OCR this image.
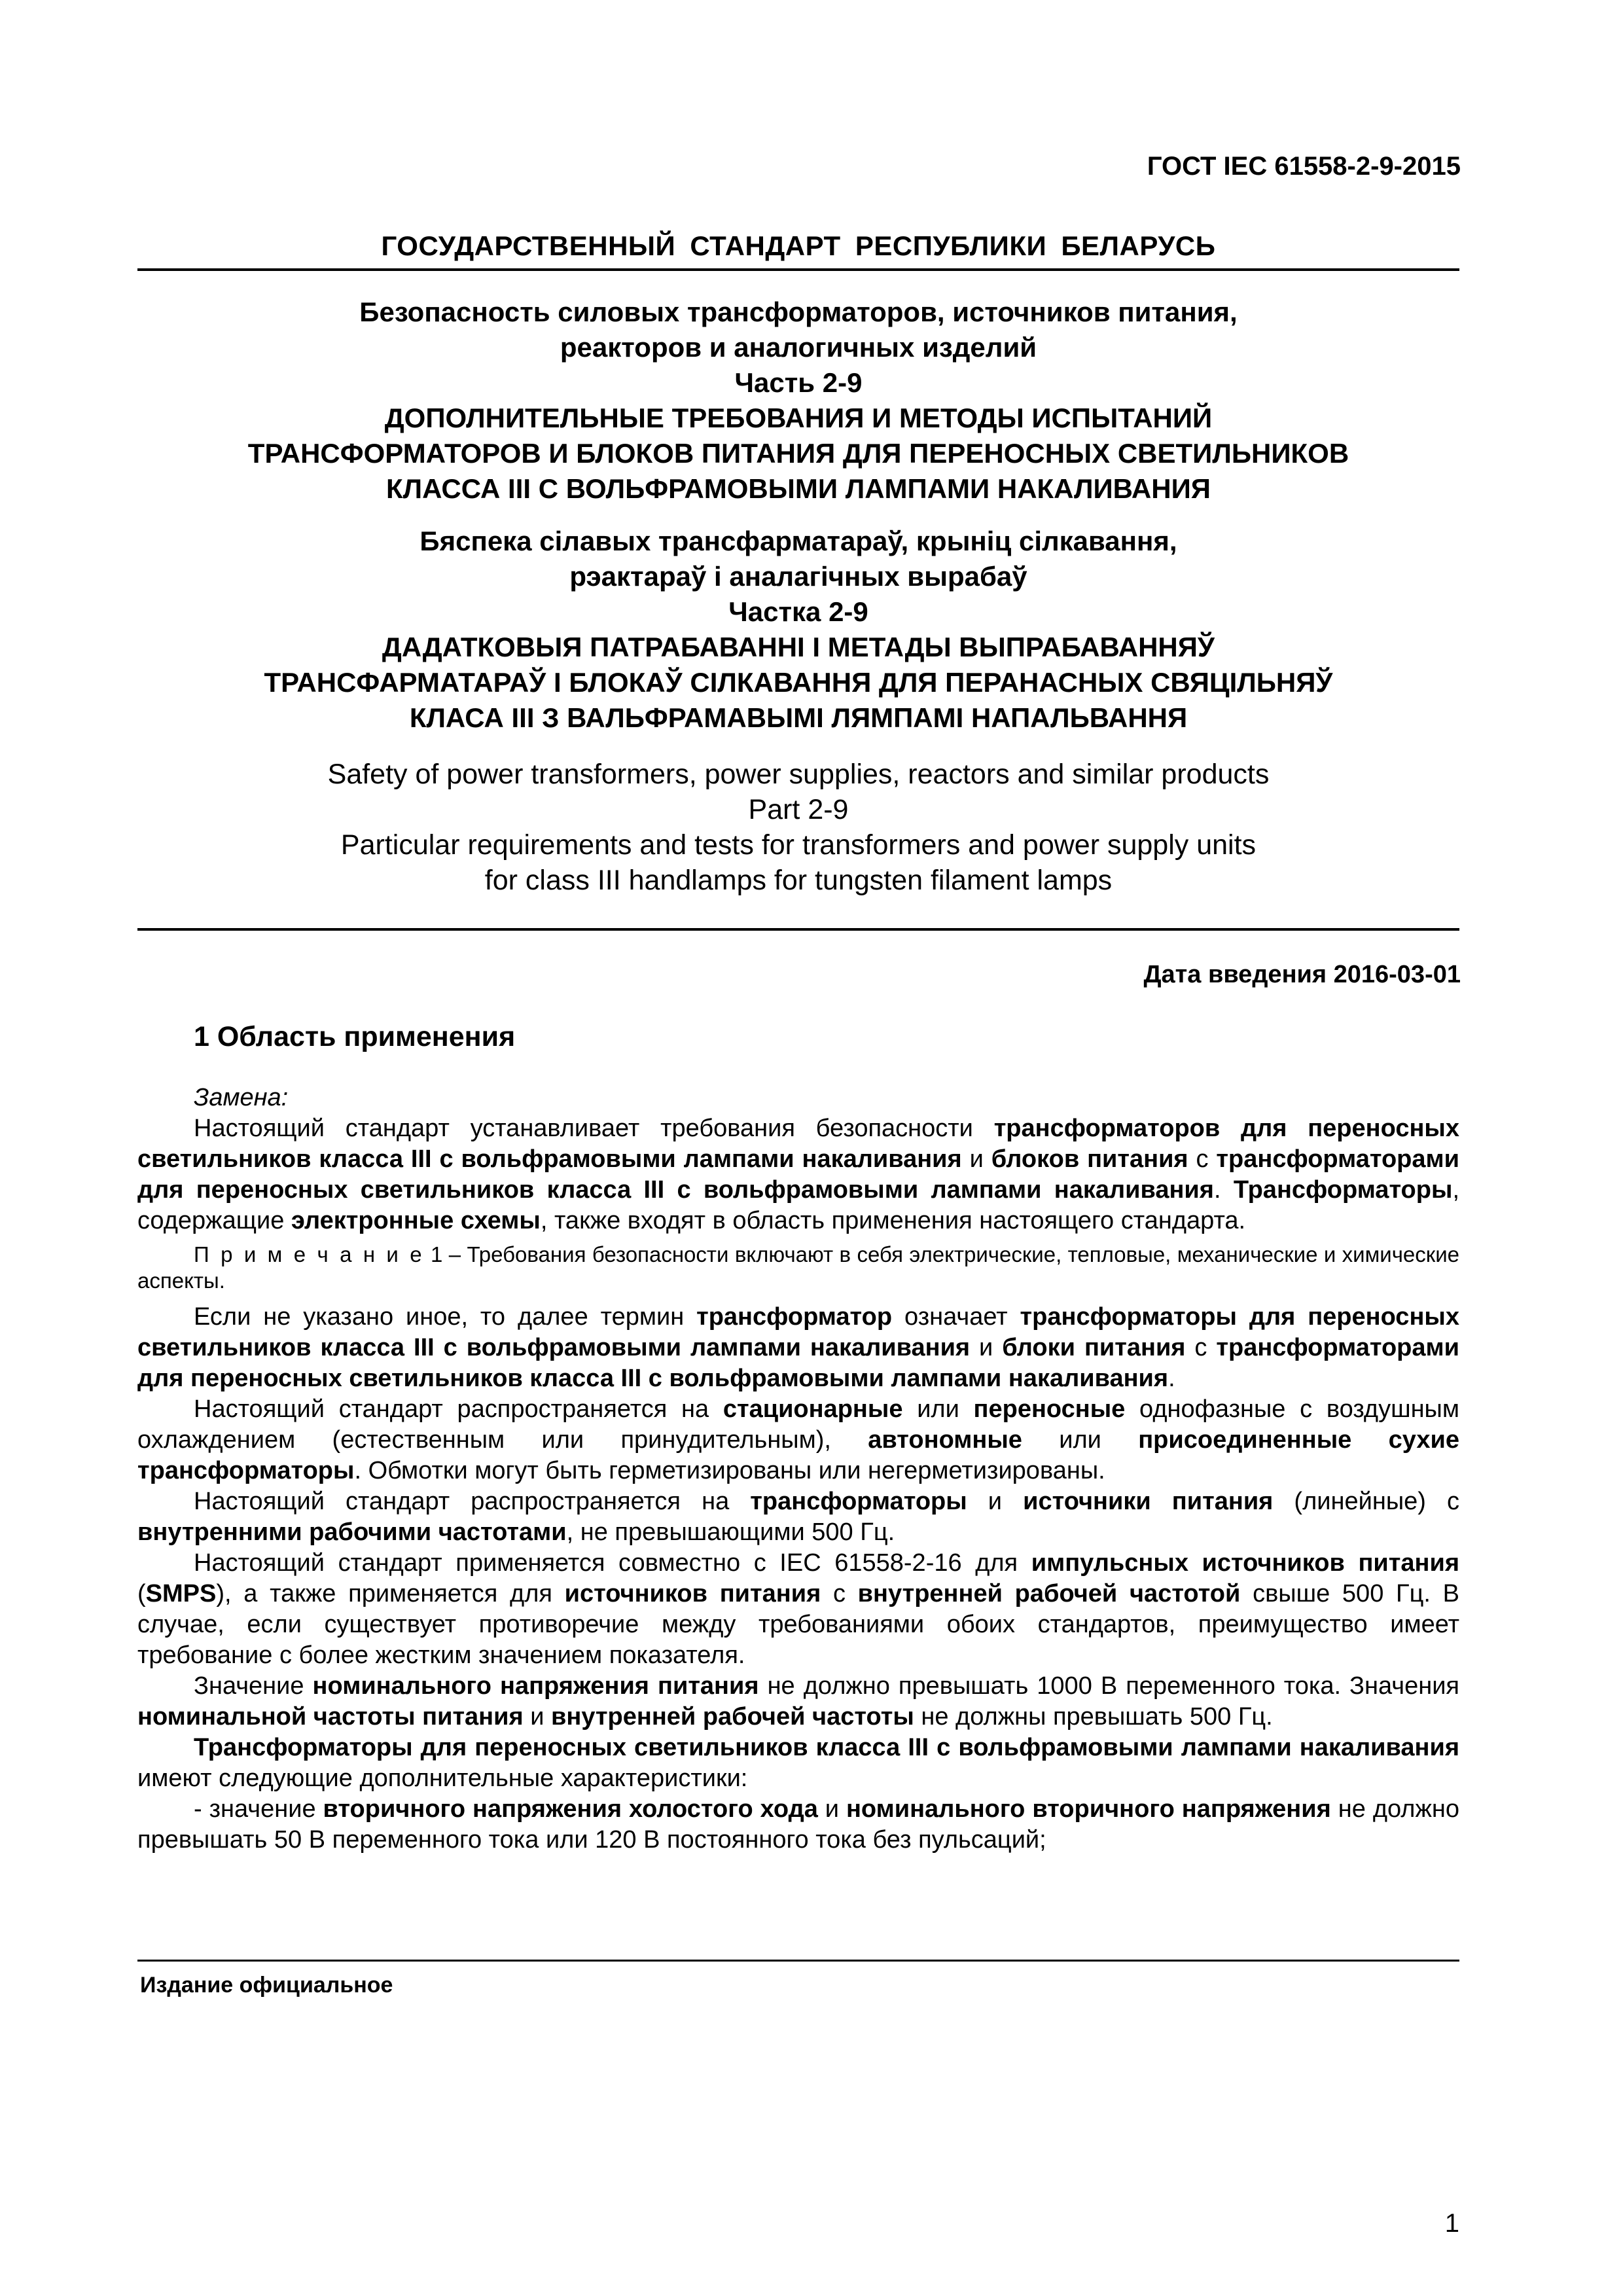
ГОСТ IEC 61558-2-9-2015
ГОСУДАРСТВЕННЫЙ СТАНДАРТ РЕСПУБЛИКИ БЕЛАРУСЬ
Безопасность силовых трансформаторов, источников питания,
реакторов и аналогичных изделий
Часть 2-9
ДОПОЛНИТЕЛЬНЫЕ ТРЕБОВАНИЯ И МЕТОДЫ ИСПЫТАНИЙ
ТРАНСФОРМАТОРОВ И БЛОКОВ ПИТАНИЯ ДЛЯ ПЕРЕНОСНЫХ СВЕТИЛЬНИКОВ
КЛАССА III С ВОЛЬФРАМОВЫМИ ЛАМПАМИ НАКАЛИВАНИЯ
Бяспека сілавых трансфарматараў, крыніц сілкавання,
рэактараў і аналагічных вырабаў
Частка 2-9
ДАДАТКОВЫЯ ПАТРАБАВАННІ І МЕТАДЫ ВЫПРАБАВАННЯЎ
ТРАНСФАРМАТАРАЎ І БЛОКАЎ СІЛКАВАННЯ ДЛЯ ПЕРАНАСНЫХ СВЯЦІЛЬНЯЎ
КЛАСА III З ВАЛЬФРАМАВЫМІ ЛЯМПАМІ НАПАЛЬВАННЯ
Safety of power transformers, power supplies, reactors and similar products
Part 2-9
Particular requirements and tests for transformers and power supply units
for class III handlamps for tungsten filament lamps
Дата введения 2016-03-01
1 Область применения

Замена:

Настоящий стандарт устанавливает требования безопасности трансформаторов для переносных светильников класса III с вольфрамовыми лампами накаливания и блоков питания с трансформаторами для переносных светильников класса III с вольфрамовыми лампами накаливания. Трансформаторы, содержащие электронные схемы, также входят в область применения настоящего стандарта.

П р и м е ч а н и е 1 – Требования безопасности включают в себя электрические, тепловые, механические и химические аспекты.

Если не указано иное, то далее термин трансформатор означает трансформаторы для переносных светильников класса III с вольфрамовыми лампами накаливания и блоки питания с трансформаторами для переносных светильников класса III с вольфрамовыми лампами накаливания.

Настоящий стандарт распространяется на стационарные или переносные однофазные с воздушным охлаждением (естественным или принудительным), автономные или присоединенные сухие трансформаторы. Обмотки могут быть герметизированы или негерметизированы.

Настоящий стандарт распространяется на трансформаторы и источники питания (линейные) с внутренними рабочими частотами, не превышающими 500 Гц.

Настоящий стандарт применяется совместно с IEC 61558-2-16 для импульсных источников питания (SMPS), а также применяется для источников питания с внутренней рабочей частотой свыше 500 Гц. В случае, если существует противоречие между требованиями обоих стандартов, преимущество имеет требование с более жестким значением показателя.

Значение номинального напряжения питания не должно превышать 1000 В переменного тока. Значения номинальной частоты питания и внутренней рабочей частоты не должны превышать 500 Гц.

Трансформаторы для переносных светильников класса III с вольфрамовыми лампами накаливания имеют следующие дополнительные характеристики:

- значение вторичного напряжения холостого хода и номинального вторичного напряжения не должно превышать 50 В переменного тока или 120 В постоянного тока без пульсаций;

Издание официальное
1
